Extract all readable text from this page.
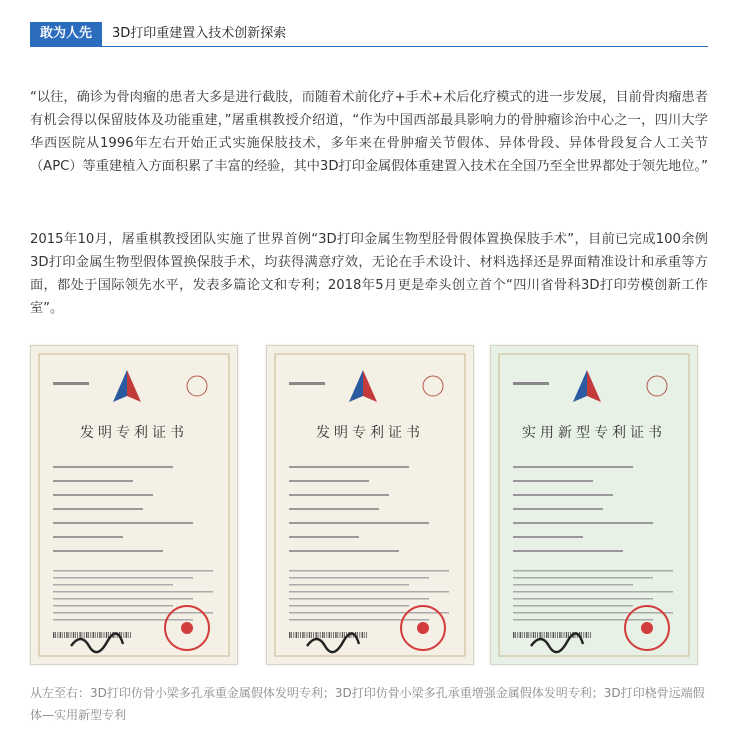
敢为人先	3D打印重建置入技术创新探索

“以往，确诊为骨肉瘤的患者大多是进行截肢，而随着术前化疗+手术+术后化疗模式的进一步发展，目前骨肉瘤患者有机会得以保留肢体及功能重建，”屠重棋教授介绍道，“作为中国西部最具影响力的骨肿瘤诊治中心之一，四川大学华西医院从1996年左右开始正式实施保肢技术，多年来在骨肿瘤关节假体、异体骨段、异体骨段复合人工关节（APC）等重建植入方面积累了丰富的经验，其中3D打印金属假体重建置入技术在全国乃至全世界都处于领先地位。”

2015年10月，屠重棋教授团队实施了世界首例“3D打印金属生物型胫骨假体置换保肢手术”，目前已完成100余例3D打印金属生物型假体置换保肢手术，均获得满意疗效，无论在手术设计、材料选择还是界面精准设计和承重等方面，都处于国际领先水平，发表多篇论文和专利；2018年5月更是牵头创立首个“四川省骨科3D打印劳模创新工作室”。

发明专利证书	发明专利证书	实用新型专利证书

从左至右：3D打印仿骨小梁多孔承重金属假体发明专利；3D打印仿骨小梁多孔承重增强金属假体发明专利；3D打印桡骨远端假体—实用新型专利
